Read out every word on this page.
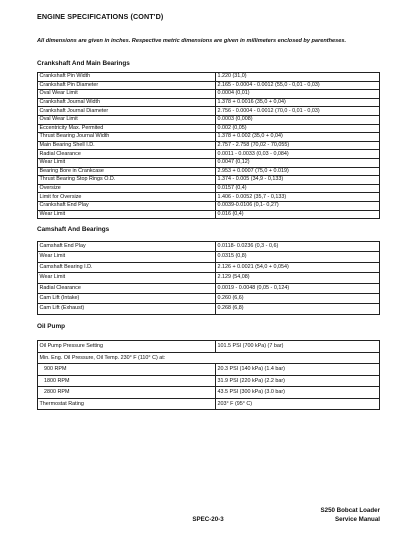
ENGINE SPECIFICATIONS (CONT'D)
All dimensions are given in inches. Respective metric dimensions are given in millimeters enclosed by parentheses.
Crankshaft And Main Bearings
Crankshaft Pin Width	1.220 (31,0)
Crankshaft Pin Diameter	2.165 - 0.0004 - 0.0012 (55,0 - 0,01 - 0,03)
Oval Wear Limit	0.0004 (0,01)
Crankshaft Journal Width	1.378 + 0.0016 (35,0 + 0,04)
Crankshaft Journal Diameter	2.756 - 0.0004 - 0.0012 (70,0 - 0,01 - 0,03)
Oval Wear Limit	0.0003 (0,008)
Eccentricity Max. Permited	0.002 (0,05)
Thrust Bearing Journal Width	1.378 + 0.002 (35,0 + 0,04)
Main Bearing Shell I.D.	2.757 - 2.758 (70,02 - 70,055)
Radial Clearance	0.0011 - 0.0033 (0,03 - 0,084)
Wear Limit	0.0047 (0,12)
Bearing Bore in Crankcase	2.953 + 0.0007 (75,0 + 0.019)
Thrust Bearing Stop Rings O.D.	1.374 - 0.005 (34,9 - 0,133)
Oversize	0.0157 (0,4)
Limit for Oversize	1.406 - 0.0052 (35,7 - 0,133)
Crankshaft End Play	0.0039-0.0106 (0,1- 0,27)
Wear Limit	0.016 (0,4)
Camshaft And Bearings
Camshaft End Play	0.0118- 0.0236 (0,3 - 0,6)
Wear Limit	0.0315 (0,8)
Camshaft Bearing I.D.	2.126 + 0.0021 (54,0 + 0,054)
Wear Limit	2.129 (54,08)
Radial Clearance	0.0019 - 0.0048 (0,05 - 0,124)
Cam Lift (Intake)	0.260 (6,6)
Cam Lift (Exhaust)	0.268 (6,8)
Oil Pump
Oil Pump Pressure Setting	101.5 PSI (700 kPa) (7 bar)
Min. Eng. Oil Pressure, Oil Temp. 230° F (110° C) at:	
900 RPM	20.3 PSI (140 kPa) (1.4 bar)
1800 RPM	31.9 PSI (220 kPa) (2.2 bar)
2800 RPM	43.5 PSI (300 kPa) (3.0 bar)
Thermostat Rating	203° F (95° C)
S250 Bobcat Loader
Service Manual
SPEC-20-3
